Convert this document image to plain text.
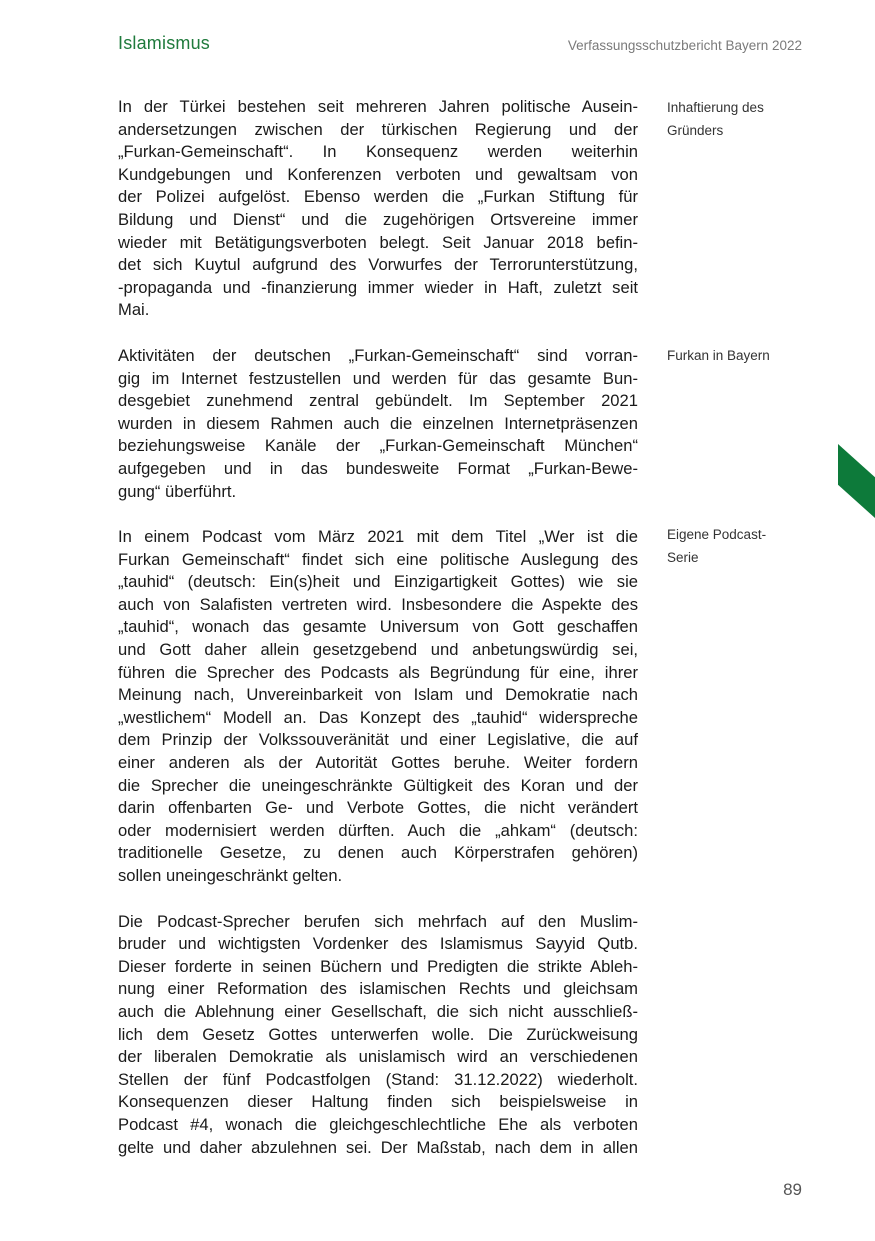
Islamismus	Verfassungsschutzbericht Bayern 2022

In der Türkei bestehen seit mehreren Jahren politische Ausein-
andersetzungen zwischen der türkischen Regierung und der
„Furkan-Gemeinschaft“. In Konsequenz werden weiterhin
Kundgebungen und Konferenzen verboten und gewaltsam von
der Polizei aufgelöst. Ebenso werden die „Furkan Stiftung für
Bildung und Dienst“ und die zugehörigen Ortsvereine immer
wieder mit Betätigungsverboten belegt. Seit Januar 2018 befin-
det sich Kuytul aufgrund des Vorwurfes der Terrorunterstützung,
-propaganda und -finanzierung immer wieder in Haft, zuletzt seit
Mai.

Aktivitäten der deutschen „Furkan-Gemeinschaft“ sind vorran-
gig im Internet festzustellen und werden für das gesamte Bun-
desgebiet zunehmend zentral gebündelt. Im September 2021
wurden in diesem Rahmen auch die einzelnen Internetpräsenzen
beziehungsweise Kanäle der „Furkan-Gemeinschaft München“
aufgegeben und in das bundesweite Format „Furkan-Bewe-
gung“ überführt.

In einem Podcast vom März 2021 mit dem Titel „Wer ist die
Furkan Gemeinschaft“ findet sich eine politische Auslegung des
„tauhid“ (deutsch: Ein(s)heit und Einzigartigkeit Gottes) wie sie
auch von Salafisten vertreten wird. Insbesondere die Aspekte des
„tauhid“, wonach das gesamte Universum von Gott geschaffen
und Gott daher allein gesetzgebend und anbetungswürdig sei,
führen die Sprecher des Podcasts als Begründung für eine, ihrer
Meinung nach, Unvereinbarkeit von Islam und Demokratie nach
„westlichem“ Modell an. Das Konzept des „tauhid“ widerspreche
dem Prinzip der Volkssouveränität und einer Legislative, die auf
einer anderen als der Autorität Gottes beruhe. Weiter fordern
die Sprecher die uneingeschränkte Gültigkeit des Koran und der
darin offenbarten Ge- und Verbote Gottes, die nicht verändert
oder modernisiert werden dürften. Auch die „ahkam“ (deutsch:
traditionelle Gesetze, zu denen auch Körperstrafen gehören)
sollen uneingeschränkt gelten.

Die Podcast-Sprecher berufen sich mehrfach auf den Muslim-
bruder und wichtigsten Vordenker des Islamismus Sayyid Qutb.
Dieser forderte in seinen Büchern und Predigten die strikte Ableh-
nung einer Reformation des islamischen Rechts und gleichsam
auch die Ablehnung einer Gesellschaft, die sich nicht ausschließ-
lich dem Gesetz Gottes unterwerfen wolle. Die Zurückweisung
der liberalen Demokratie als unislamisch wird an verschiedenen
Stellen der fünf Podcastfolgen (Stand: 31.12.2022) wiederholt.
Konsequenzen dieser Haltung finden sich beispielsweise in
Podcast #4, wonach die gleichgeschlechtliche Ehe als verboten
gelte und daher abzulehnen sei. Der Maßstab, nach dem in allen

Inhaftierung des
Gründers
Furkan in Bayern
Eigene Podcast-
Serie
89
